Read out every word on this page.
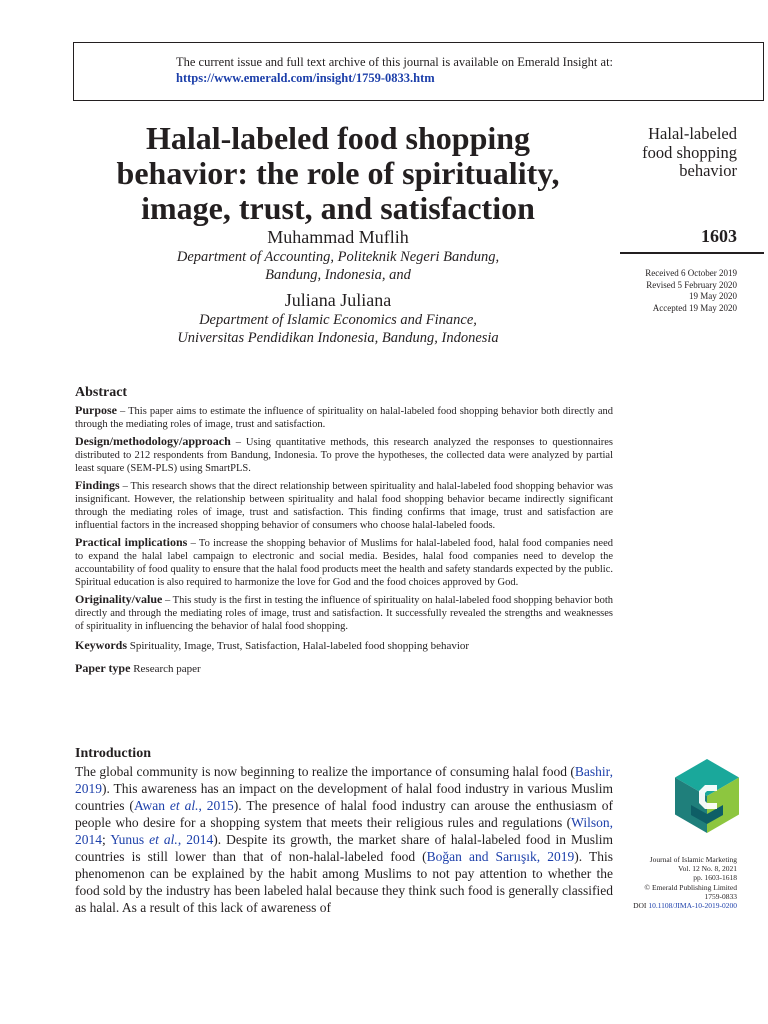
The current issue and full text archive of this journal is available on Emerald Insight at:
https://www.emerald.com/insight/1759-0833.htm
Halal-labeled food shopping behavior: the role of spirituality, image, trust, and satisfaction
Muhammad Muflih
Department of Accounting, Politeknik Negeri Bandung,
Bandung, Indonesia, and
Juliana Juliana
Department of Islamic Economics and Finance,
Universitas Pendidikan Indonesia, Bandung, Indonesia
Halal-labeled
food shopping
behavior
1603
Received 6 October 2019
Revised 5 February 2020
19 May 2020
Accepted 19 May 2020
Abstract

Purpose – This paper aims to estimate the influence of spirituality on halal-labeled food shopping behavior both directly and through the mediating roles of image, trust and satisfaction.

Design/methodology/approach – Using quantitative methods, this research analyzed the responses to questionnaires distributed to 212 respondents from Bandung, Indonesia. To prove the hypotheses, the collected data were analyzed by partial least square (SEM-PLS) using SmartPLS.

Findings – This research shows that the direct relationship between spirituality and halal-labeled food shopping behavior was insignificant. However, the relationship between spirituality and halal food shopping behavior became indirectly significant through the mediating roles of image, trust and satisfaction. This finding confirms that image, trust and satisfaction are influential factors in the increased shopping behavior of consumers who choose halal-labeled foods.

Practical implications – To increase the shopping behavior of Muslims for halal-labeled food, halal food companies need to expand the halal label campaign to electronic and social media. Besides, halal food companies need to develop the accountability of food quality to ensure that the halal food products meet the health and safety standards expected by the public. Spiritual education is also required to harmonize the love for God and the food choices approved by God.

Originality/value – This study is the first in testing the influence of spirituality on halal-labeled food shopping behavior both directly and through the mediating roles of image, trust and satisfaction. It successfully revealed the strengths and weaknesses of spirituality in influencing the behavior of halal food shopping.

Keywords Spirituality, Image, Trust, Satisfaction, Halal-labeled food shopping behavior

Paper type Research paper

Introduction

The global community is now beginning to realize the importance of consuming halal food (Bashir, 2019). This awareness has an impact on the development of halal food industry in various Muslim countries (Awan et al., 2015). The presence of halal food industry can arouse the enthusiasm of people who desire for a shopping system that meets their religious rules and regulations (Wilson, 2014; Yunus et al., 2014). Despite its growth, the market share of halal-labeled food in Muslim countries is still lower than that of non-halal-labeled food (Boğan and Sarıışık, 2019). This phenomenon can be explained by the habit among Muslims to not pay attention to whether the food sold by the industry has been labeled halal because they think such food is generally classified as halal. As a result of this lack of awareness of

Journal of Islamic Marketing
Vol. 12 No. 8, 2021
pp. 1603-1618
© Emerald Publishing Limited
1759-0833
DOI 10.1108/JIMA-10-2019-0200
